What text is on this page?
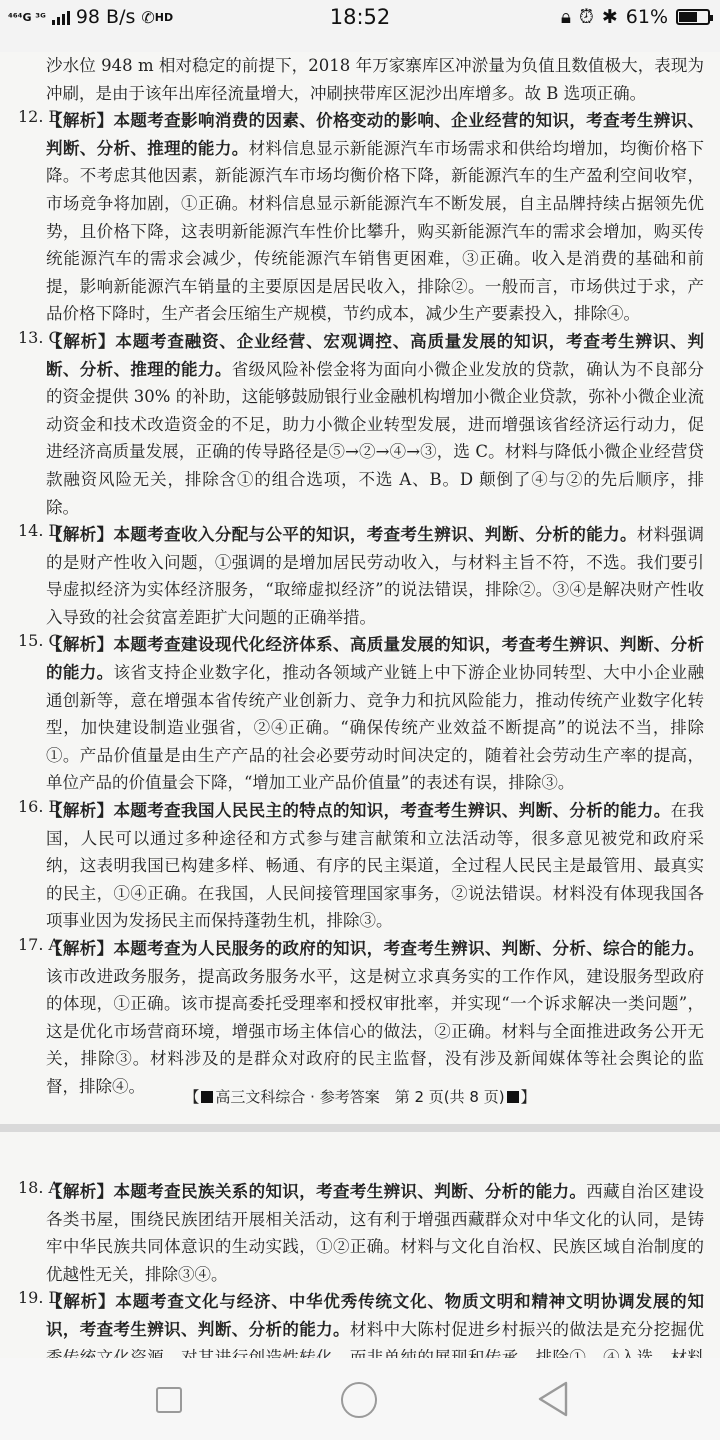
⁴⁶⁴G ³ᴳ 98 B/s ✆ HD	18:52	🔒︎ ⏰︎ ✱ 61%

沙水位 948 m 相对稳定的前提下，2018 年万家寨库区冲淤量为负值且数值极大，表现为冲刷，是由于该年出库径流量增大，冲刷挟带库区泥沙出库增多。故 B 选项正确。

12. B

【解析】本题考查影响消费的因素、价格变动的影响、企业经营的知识，考查考生辨识、判断、分析、推理的能力。材料信息显示新能源汽车市场需求和供给均增加，均衡价格下降。不考虑其他因素，新能源汽车市场均衡价格下降，新能源汽车的生产盈利空间收窄，市场竞争将加剧，①正确。材料信息显示新能源汽车不断发展，自主品牌持续占据领先优势，且价格下降，这表明新能源汽车性价比攀升，购买新能源汽车的需求会增加，购买传统能源汽车的需求会减少，传统能源汽车销售更困难，③正确。收入是消费的基础和前提，影响新能源汽车销量的主要原因是居民收入，排除②。一般而言，市场供过于求，产品价格下降时，生产者会压缩生产规模，节约成本，减少生产要素投入，排除④。

13. C

【解析】本题考查融资、企业经营、宏观调控、高质量发展的知识，考查考生辨识、判断、分析、推理的能力。省级风险补偿金将为面向小微企业发放的贷款，确认为不良部分的资金提供 30% 的补助，这能够鼓励银行业金融机构增加小微企业贷款，弥补小微企业流动资金和技术改造资金的不足，助力小微企业转型发展，进而增强该省经济运行动力，促进经济高质量发展，正确的传导路径是⑤→②→④→③，选 C。材料与降低小微企业经营贷款融资风险无关，排除含①的组合选项，不选 A、B。D 颠倒了④与②的先后顺序，排除。

14. D

【解析】本题考查收入分配与公平的知识，考查考生辨识、判断、分析的能力。材料强调的是财产性收入问题，①强调的是增加居民劳动收入，与材料主旨不符，不选。我们要引导虚拟经济为实体经济服务，“取缔虚拟经济”的说法错误，排除②。③④是解决财产性收入导致的社会贫富差距扩大问题的正确举措。

15. C

【解析】本题考查建设现代化经济体系、高质量发展的知识，考查考生辨识、判断、分析的能力。该省支持企业数字化，推动各领域产业链上中下游企业协同转型、大中小企业融通创新等，意在增强本省传统产业创新力、竞争力和抗风险能力，推动传统产业数字化转型，加快建设制造业强省，②④正确。“确保传统产业效益不断提高”的说法不当，排除①。产品价值量是由生产产品的社会必要劳动时间决定的，随着社会劳动生产率的提高，单位产品的价值量会下降，“增加工业产品价值量”的表述有误，排除③。

16. B

【解析】本题考查我国人民民主的特点的知识，考查考生辨识、判断、分析的能力。在我国，人民可以通过多种途径和方式参与建言献策和立法活动等，很多意见被党和政府采纳，这表明我国已构建多样、畅通、有序的民主渠道，全过程人民民主是最管用、最真实的民主，①④正确。在我国，人民间接管理国家事务，②说法错误。材料没有体现我国各项事业因为发扬民主而保持蓬勃生机，排除③。

17. A

【解析】本题考查为人民服务的政府的知识，考查考生辨识、判断、分析、综合的能力。该市改进政务服务，提高政务服务水平，这是树立求真务实的工作作风，建设服务型政府的体现，①正确。该市提高委托受理率和授权审批率，并实现“一个诉求解决一类问题”，这是优化市场营商环境，增强市场主体信心的做法，②正确。材料与全面推进政务公开无关，排除③。材料涉及的是群众对政府的民主监督，没有涉及新闻媒体等社会舆论的监督，排除④。

【 高三文科综合 · 参考答案　第 2 页(共 8 页) 】
18. A

【解析】本题考查民族关系的知识，考查考生辨识、判断、分析的能力。西藏自治区建设各类书屋，围绕民族团结开展相关活动，这有利于增强西藏群众对中华文化的认同，是铸牢中华民族共同体意识的生动实践，①②正确。材料与文化自治权、民族区域自治制度的优越性无关，排除③④。

19. D

【解析】本题考查文化与经济、中华优秀传统文化、物质文明和精神文明协调发展的知识，考查考生辨识、判断、分析的能力。材料中大陈村促进乡村振兴的做法是充分挖掘优
